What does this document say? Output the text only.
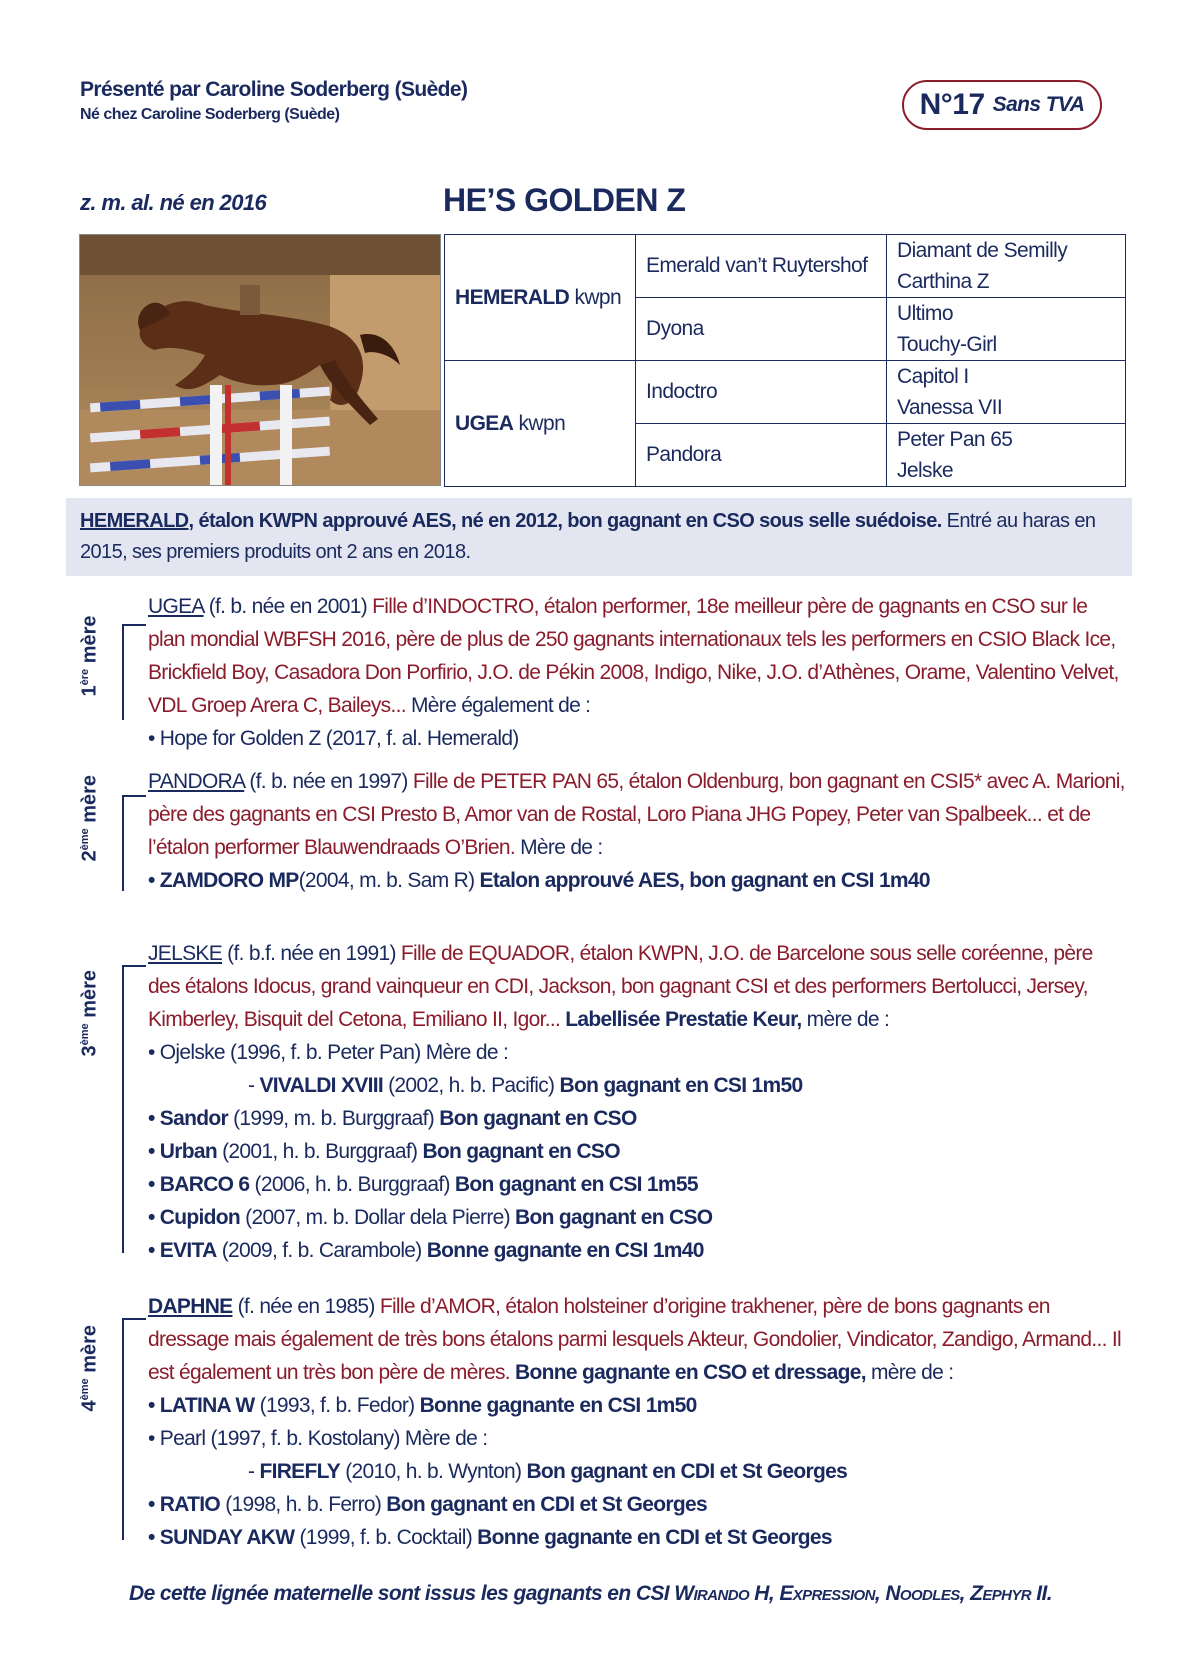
Présenté par Caroline Soderberg (Suède)
Né chez Caroline Soderberg (Suède)	N°17 Sans TVA
z. m. al. né en 2016	HE’S GOLDEN Z
HEMERALD kwpn	Emerald van’t Ruytershof	Diamant de Semilly
Carthina Z

	Dyona	Ultimo
Touchy-Girl

UGEA kwpn	Indoctro	Capitol I
Vanessa VII

	Pandora	Peter Pan 65
Jelske
HEMERALD, étalon KWPN approuvé AES, né en 2012, bon gagnant en CSO sous selle suédoise. Entré au haras en 2015, ses premiers produits ont 2 ans en 2018.
1ère mère
2ème mère
3ème mère
4ème mère

UGEA (f. b. née en 2001) Fille d’INDOCTRO, étalon performer, 18e meilleur père de gagnants en CSO sur le plan mondial WBFSH 2016, père de plus de 250 gagnants internationaux tels les performers en CSIO Black Ice, Brickfield Boy, Casadora Don Porfirio, J.O. de Pékin 2008, Indigo, Nike, J.O. d’Athènes, Orame, Valentino Velvet, VDL Groep Arera C, Baileys... Mère également de :

• Hope for Golden Z (2017, f. al. Hemerald)

PANDORA (f. b. née en 1997) Fille de PETER PAN 65, étalon Oldenburg, bon gagnant en CSI5* avec A. Marioni, père des gagnants en CSI Presto B, Amor van de Rostal, Loro Piana JHG Popey, Peter van Spalbeek... et de l’étalon performer Blauwendraads O’Brien. Mère de :

• ZAMDORO MP(2004, m. b. Sam R) Etalon approuvé AES, bon gagnant en CSI 1m40

JELSKE (f. b.f. née en 1991) Fille de EQUADOR, étalon KWPN, J.O. de Barcelone sous selle coréenne, père des étalons Idocus, grand vainqueur en CDI, Jackson, bon gagnant CSI et des performers Bertolucci, Jersey, Kimberley, Bisquit del Cetona, Emiliano II, Igor... Labellisée Prestatie Keur, mère de :

• Ojelske (1996, f. b. Peter Pan) Mère de :

- VIVALDI XVIII (2002, h. b. Pacific) Bon gagnant en CSI 1m50

• Sandor (1999, m. b. Burggraaf) Bon gagnant en CSO

• Urban (2001, h. b. Burggraaf) Bon gagnant en CSO

• BARCO 6 (2006, h. b. Burggraaf) Bon gagnant en CSI 1m55

• Cupidon (2007, m. b. Dollar dela Pierre) Bon gagnant en CSO

• EVITA (2009, f. b. Carambole) Bonne gagnante en CSI 1m40

DAPHNE (f. née en 1985) Fille d’AMOR, étalon holsteiner d’origine trakhener, père de bons gagnants en dressage mais également de très bons étalons parmi lesquels Akteur, Gondolier, Vindicator, Zandigo, Armand... Il est également un très bon père de mères. Bonne gagnante en CSO et dressage, mère de :

• LATINA W (1993, f. b. Fedor) Bonne gagnante en CSI 1m50

• Pearl (1997, f. b. Kostolany) Mère de :

- FIREFLY (2010, h. b. Wynton) Bon gagnant en CDI et St Georges

• RATIO (1998, h. b. Ferro) Bon gagnant en CDI et St Georges

• SUNDAY AKW (1999, f. b. Cocktail) Bonne gagnante en CDI et St Georges

De cette lignée maternelle sont issus les gagnants en CSI Wirando H, Expression, Noodles, Zephyr II.
